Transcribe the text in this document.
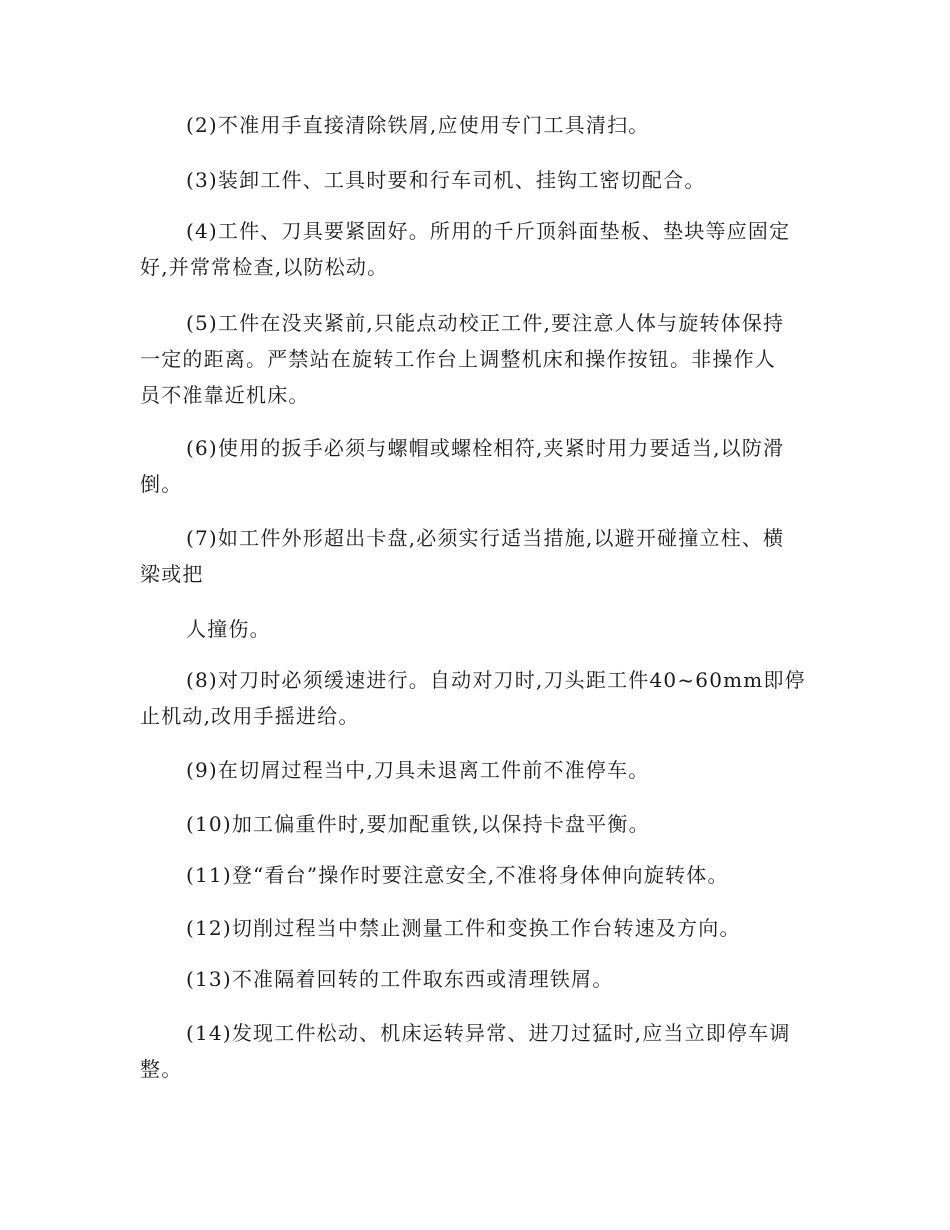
(2)不准用手直接清除铁屑,应使用专门工具清扫。
(3)装卸工件、工具时要和行车司机、挂钩工密切配合。
(4)工件、刀具要紧固好。所用的千斤顶斜面垫板、垫块等应固定
好,并常常检查,以防松动。
(5)工件在没夹紧前,只能点动校正工件,要注意人体与旋转体保持
一定的距离。严禁站在旋转工作台上调整机床和操作按钮。非操作人
员不准靠近机床。
(6)使用的扳手必须与螺帽或螺栓相符,夹紧时用力要适当,以防滑
倒。
(7)如工件外形超出卡盘,必须实行适当措施,以避开碰撞立柱、横
梁或把
人撞伤。
(8)对刀时必须缓速进行。自动对刀时,刀头距工件40~60mm即停
止机动,改用手摇进给。
(9)在切屑过程当中,刀具未退离工件前不准停车。
(10)加工偏重件时,要加配重铁,以保持卡盘平衡。
(11)登“看台”操作时要注意安全,不准将身体伸向旋转体。
(12)切削过程当中禁止测量工件和变换工作台转速及方向。
(13)不准隔着回转的工件取东西或清理铁屑。
(14)发现工件松动、机床运转异常、进刀过猛时,应当立即停车调
整。
